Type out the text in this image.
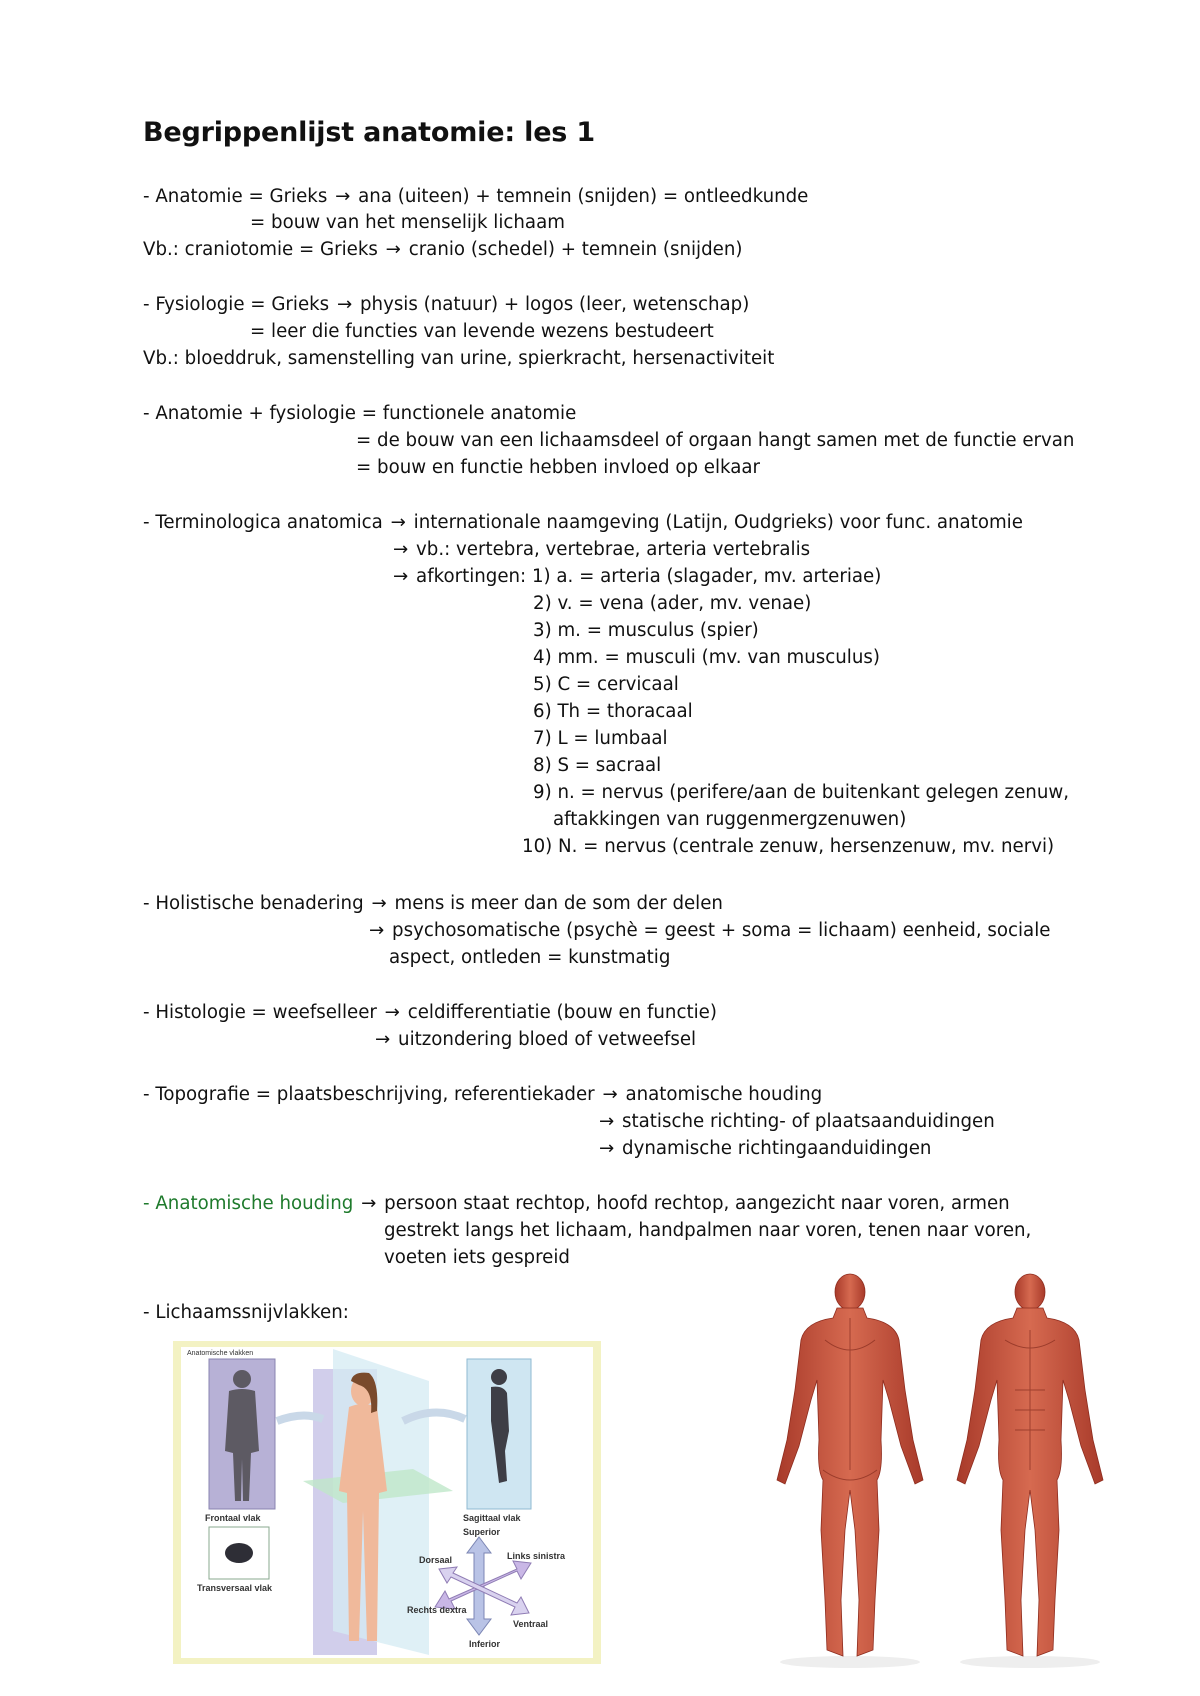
Begrippenlijst anatomie: les 1
- Anatomie = Grieks → ana (uiteen) + temnein (snijden) = ontleedkunde
= bouw van het menselijk lichaam
Vb.: craniotomie = Grieks → cranio (schedel) + temnein (snijden)
- Fysiologie = Grieks → physis (natuur) + logos (leer, wetenschap)
= leer die functies van levende wezens bestudeert
Vb.: bloeddruk, samenstelling van urine, spierkracht, hersenactiviteit
- Anatomie + fysiologie = functionele anatomie
= de bouw van een lichaamsdeel of orgaan hangt samen met de functie ervan
= bouw en functie hebben invloed op elkaar
- Terminologica anatomica → internationale naamgeving (Latijn, Oudgrieks) voor func. anatomie
→ vb.: vertebra, vertebrae, arteria vertebralis
→ afkortingen: 1) a. = arteria (slagader, mv. arteriae)
2) v. = vena (ader, mv. venae)
3) m. = musculus (spier)
4) mm. = musculi (mv. van musculus)
5) C = cervicaal
6) Th = thoracaal
7) L = lumbaal
8) S = sacraal
9) n. = nervus (perifere/aan de buitenkant gelegen zenuw,
aftakkingen van ruggenmergzenuwen)
10) N. = nervus (centrale zenuw, hersenzenuw, mv. nervi)
- Holistische benadering → mens is meer dan de som der delen
→ psychosomatische (psychè = geest + soma = lichaam) eenheid, sociale
aspect, ontleden = kunstmatig
- Histologie = weefselleer → celdifferentiatie (bouw en functie)
→ uitzondering bloed of vetweefsel
- Topografie = plaatsbeschrijving, referentiekader → anatomische houding
→ statische richting- of plaatsaanduidingen
→ dynamische richtingaanduidingen
- Anatomische houding → persoon staat rechtop, hoofd rechtop, aangezicht naar voren, armen
gestrekt langs het lichaam, handpalmen naar voren, tenen naar voren,
voeten iets gespreid
- Lichaamssnijvlakken:
Anatomische vlakken
Frontaal vlak	Sagittaal vlak
Transversaal vlak
Superior
Inferior
Dorsaal
Ventraal
Links sinistra
Rechts dextra
